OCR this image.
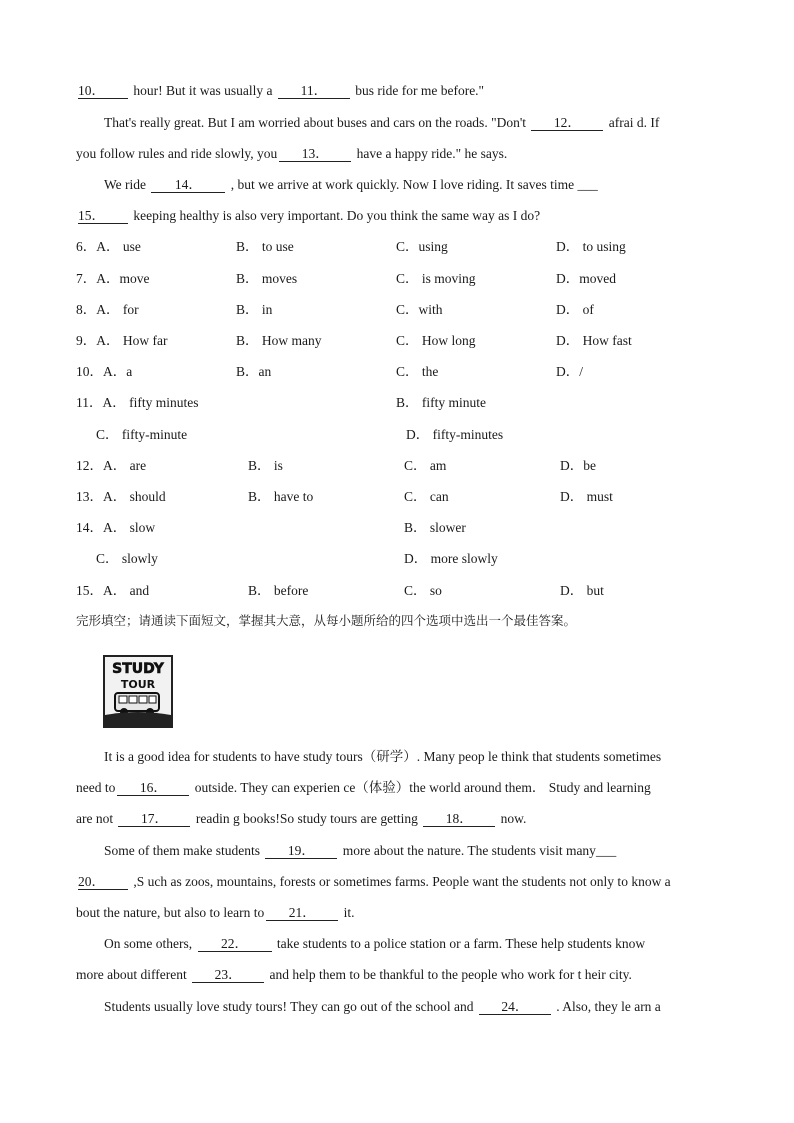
10． hour! But it was usually a 11． bus ride for me before."
That's really great. But I am worried about buses and cars on the roads. "Don't 12． afrai d. If
you follow rules and ride slowly, you 13． have a happy ride." he says.
We ride 14． , but we arrive at work quickly. Now I love riding. It saves time ___
15． keeping healthy is also very important. Do you think the same way as I do?
6．A． use	B． to use	C．using	D． to using
7．A．move	B． moves	C． is moving	D．moved
8．A． for	B． in	C．with	D． of
9．A． How far	B． How many	C． How long	D． How fast
10．A．a	B．an	C． the	D．/
11．A． fifty minutes	B． fifty minute
C． fifty-minute	D． fifty-minutes
12．A． are	B． is	C． am	D．be
13．A． should	B． have to	C． can	D． must
14．A． slow	B． slower
C． slowly	D． more slowly
15．A． and	B． before	C． so	D． but
完形填空；请通读下面短文，掌握其大意，从每小题所给的四个选项中选出一个最佳答案。
STUDY
TOUR
It is a good idea for students to have study tours（研学）. Many peop le think that students sometimes
need to 16． outside. They can experien ce（体验）the world around them． Study and learning
are not 17． readin g books!So study tours are getting 18． now.
Some of them make students 19． more about the nature. The students visit many___
20． ,S uch as zoos, mountains, forests or sometimes farms. People want the students not only to know a
bout the nature, but also to learn to 21． it.
On some others, 22． take students to a police station or a farm. These help students know
more about different 23． and help them to be thankful to the people who work for t heir city.
Students usually love study tours! They can go out of the school and 24． . Also, they le arn a
